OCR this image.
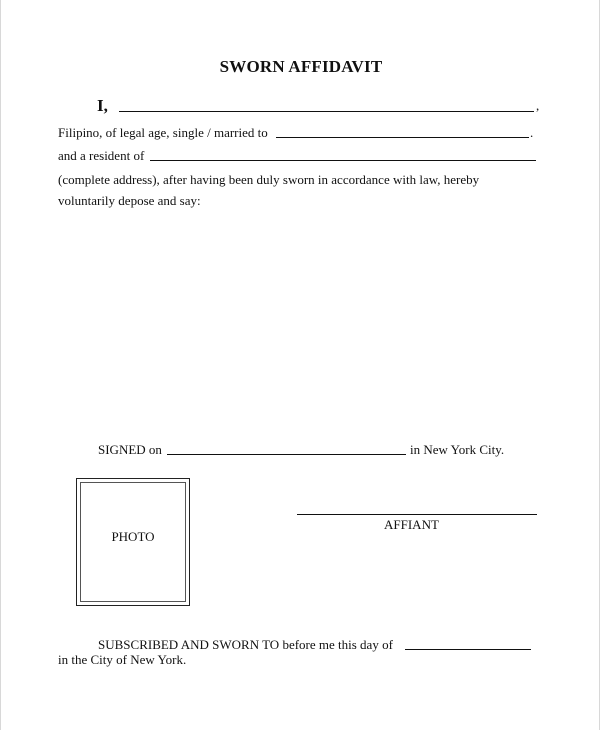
SWORN AFFIDAVIT
I,	,
Filipino, of legal age, single / married to	.
and a resident of
(complete address), after having been duly sworn in accordance with law, hereby
voluntarily depose and say:
SIGNED on	in New York City.
PHOTO
AFFIANT
SUBSCRIBED AND SWORN TO before me this day of
in the City of New York.
